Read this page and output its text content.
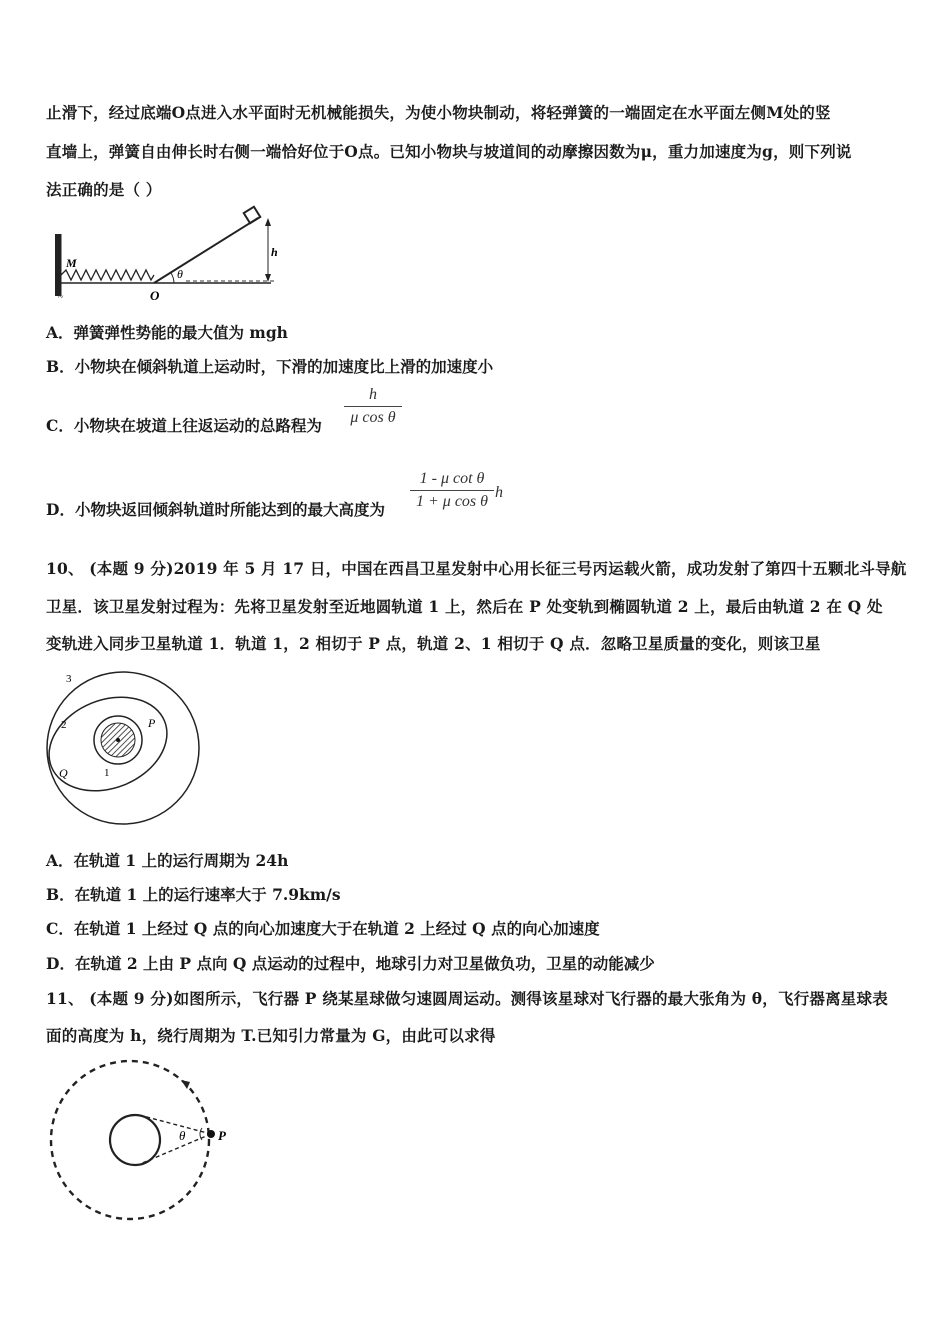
止滑下，经过底端O点进入水平面时无机械能损失，为使小物块制动，将轻弹簧的一端固定在水平面左侧M处的竖
直墙上，弹簧自由伸长时右侧一端恰好位于O点。已知小物块与坡道间的动摩擦因数为μ，重力加速度为g，则下列说
法正确的是（ ）
M
O
θ
h
~
A．弹簧弹性势能的最大值为 mgh
B．小物块在倾斜轨道上运动时，下滑的加速度比上滑的加速度小
C．小物块在坡道上往返运动的总路程为 $\frac{h}{\text{μ cos θ}}$
D．小物块返回倾斜轨道时所能达到的最大高度为 $\frac{\text{1 - μ cot θ}}{\text{1 + μ cos θ}}$ h
10、 (本题 9 分)2019 年 5 月 17 日，中国在西昌卫星发射中心用长征三号丙运载火箭，成功发射了第四十五颗北斗导航
卫星．该卫星发射过程为：先将卫星发射至近地圆轨道 1 上，然后在 P 处变轨到椭圆轨道 2 上，最后由轨道 2 在 Q 处
变轨进入同步卫星轨道 1．轨道 1，2 相切于 P 点，轨道 2、1 相切于 Q 点．忽略卫星质量的变化，则该卫星
3
2	P
Q	1
A．在轨道 1 上的运行周期为 24h
B．在轨道 1 上的运行速率大于 7.9km/s
C．在轨道 1 上经过 Q 点的向心加速度大于在轨道 2 上经过 Q 点的向心加速度
D．在轨道 2 上由 P 点向 Q 点运动的过程中，地球引力对卫星做负功，卫星的动能减少
11、 (本题 9 分)如图所示，飞行器 P 绕某星球做匀速圆周运动。测得该星球对飞行器的最大张角为 θ，飞行器离星球表
面的高度为 h，绕行周期为 T.已知引力常量为 G，由此可以求得
θ	P
